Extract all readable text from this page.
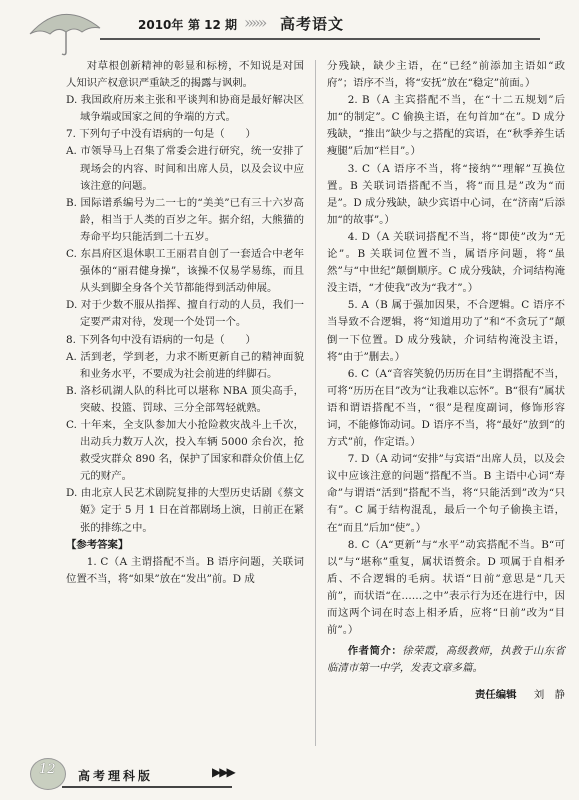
2010年 第 12 期 »»» 高考语文

对草根创新精神的彰显和标榜，不知说是对国人知识产权意识严重缺乏的揭露与讽刺。

D. 我国政府历来主张和平谈判和协商是最好解决区域争端或国家之间的争端的方式。

7. 下列句子中没有语病的一句是（　　）

A. 市领导马上召集了常委会进行研究，统一安排了现场会的内容、时间和出席人员，以及会议中应该注意的问题。

B. 国际谱系编号为二一七的“美美”已有三十六岁高龄，相当于人类的百岁之年。据介绍，大熊猫的寿命平均只能活到二十五岁。

C. 东昌府区退休职工王丽君自创了一套适合中老年强体的“丽君健身操”，该操不仅易学易练，而且从头到脚全身各个关节都能得到活动伸展。

D. 对于少数不服从指挥、擅自行动的人员，我们一定要严肃对待，发现一个处罚一个。

8. 下列各句中没有语病的一句是（　　）

A. 活到老，学到老，力求不断更新自己的精神面貌和业务水平，不要成为社会前进的绊脚石。

B. 洛杉矶湖人队的科比可以堪称 NBA 顶尖高手，突破、投篮、罚球、三分全部驾轻就熟。

C. 十年来，全支队参加大小抢险救灾战斗上千次，出动兵力数万人次，投入车辆 5000 余台次，抢救受灾群众 890 名，保护了国家和群众价值上亿元的财产。

D. 由北京人民艺术剧院复排的大型历史话剧《蔡文姬》定于 5 月 1 日在首都剧场上演，日前正在紧张的排练之中。

【参考答案】

1. C（A 主谓搭配不当。B 语序问题，关联词位置不当，将“如果”放在“发出”前。D 成

分残缺，缺少主语，在“已经”前添加主语如“政府”；语序不当，将“安抚”放在“稳定”前面。）

2. B（A 主宾搭配不当，在“十二五规划”后加“的制定”。C 偷换主语，在句首加“在”。D 成分残缺，“推出”缺少与之搭配的宾语，在“秋季养生话瘦腿”后加“栏目”。）

3. C（A 语序不当，将“接纳”“理解”互换位置。B 关联词语搭配不当，将“而且是”改为“而是”。D 成分残缺，缺少宾语中心词，在“济南”后添加“的故事”。）

4. D（A 关联词搭配不当，将“即使”改为“无论”。B 关联词位置不当，属语序问题，将“虽然”与“中世纪”颠倒顺序。C 成分残缺，介词结构淹没主语，“才使我”改为“我才”。）

5. A（B 属于强加因果，不合逻辑。C 语序不当导致不合逻辑，将“知道用功了”和“不贪玩了”颠倒一下位置。D 成分残缺，介词结构淹没主语，将“由于”删去。）

6. C（A“音容笑貌仍历历在目”主谓搭配不当，可将“历历在目”改为“让我难以忘怀”。B“很有”属状语和谓语搭配不当，“很”是程度副词，修饰形容词，不能修饰动词。D 语序不当，将“最好”放到“的方式”前，作定语。）

7. D（A 动词“安排”与宾语“出席人员，以及会议中应该注意的问题”搭配不当。B 主语中心词“寿命”与谓语“活到”搭配不当，将“只能活到”改为“只有”。C 属于结构混乱，最后一个句子偷换主语，在“而且”后加“使”。）

8. C（A“更新”与“水平”动宾搭配不当。B“可以”与“堪称”重复，属状语赘余。D 项属于自相矛盾、不合逻辑的毛病。状语“日前”意思是“几天前”，而状语“在……之中”表示行为还在进行中，因而这两个词在时态上相矛盾，应将“日前”改为“目前”。）

作者简介：徐荣霞，高级教师，执教于山东省临清市第一中学，发表文章多篇。

责任编辑 刘　静
12 高考理科版	▶▶▶
